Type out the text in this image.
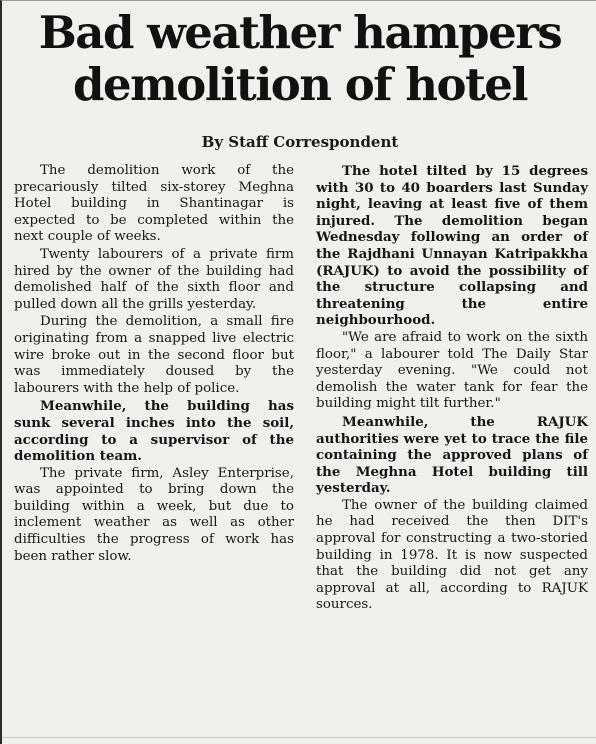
Bad weather hampers
demolition of hotel
By Staff Correspondent

The demolition work of the precariously tilted six-storey Meghna Hotel building in Shantinagar is expected to be completed within the next couple of weeks.

Twenty labourers of a private firm hired by the owner of the building had demolished half of the sixth floor and pulled down all the grills yesterday.

During the demolition, a small fire originating from a snapped live electric wire broke out in the second floor but was immediately doused by the labourers with the help of police.

Meanwhile, the building has sunk several inches into the soil, according to a supervisor of the demolition team.

The private firm, Asley Enterprise, was appointed to bring down the building within a week, but due to inclement weather as well as other difficulties the progress of work has been rather slow.

The hotel tilted by 15 degrees with 30 to 40 boarders last Sunday night, leaving at least five of them injured. The demolition began Wednesday following an order of the Rajdhani Unnayan Katripakkha (RAJUK) to avoid the possibility of the structure collapsing and threatening the entire neighbourhood.

"We are afraid to work on the sixth floor," a labourer told The Daily Star yesterday evening. "We could not demolish the water tank for fear the building might tilt further."

Meanwhile, the RAJUK authorities were yet to trace the file containing the approved plans of the Meghna Hotel building till yesterday.

The owner of the building claimed he had received the then DIT's approval for constructing a two-storied building in 1978. It is now suspected that the building did not get any approval at all, according to RAJUK sources.
